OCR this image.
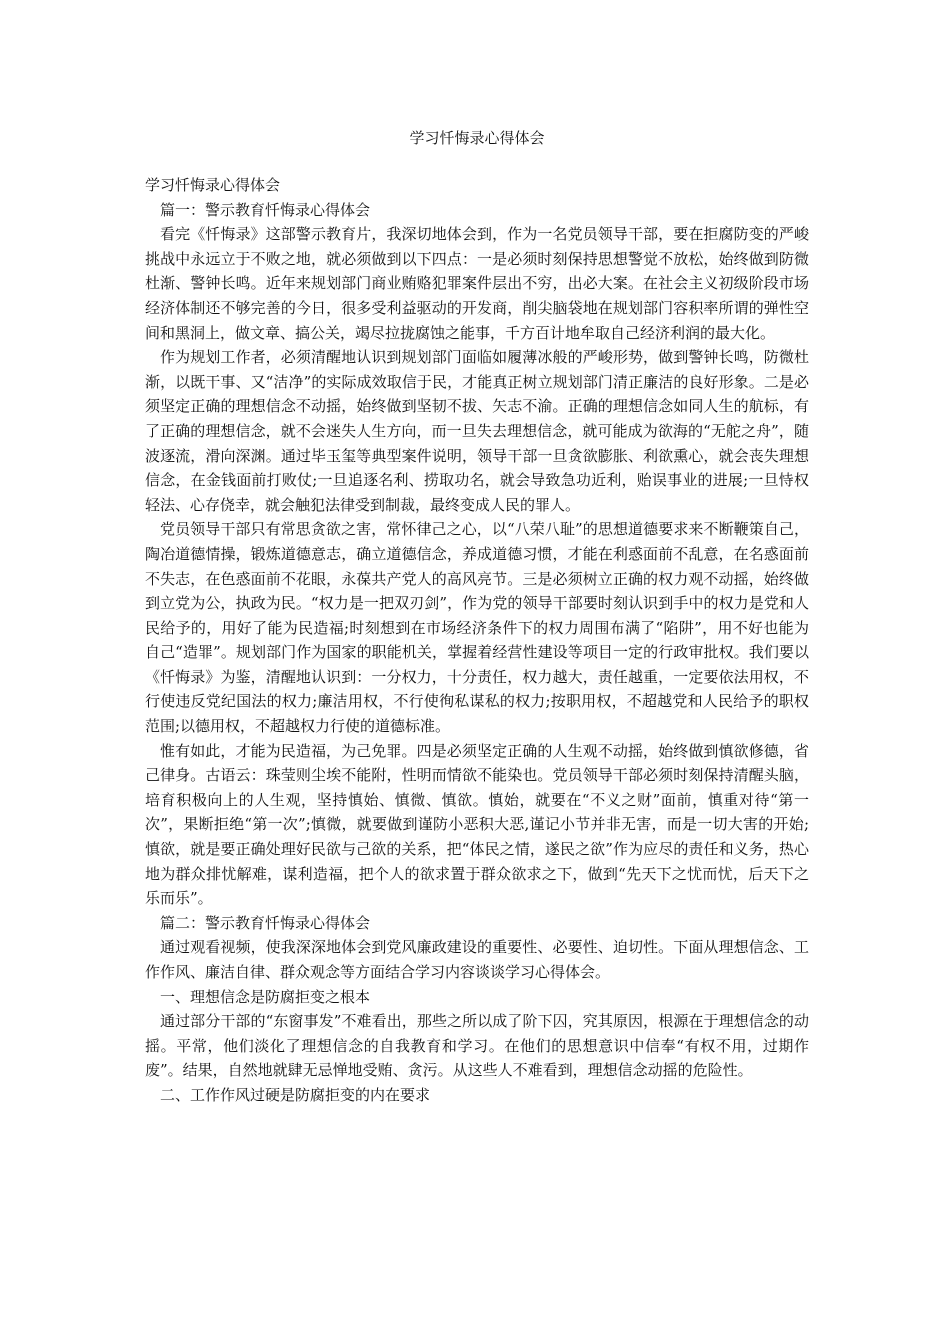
学习忏悔录心得体会

学习忏悔录心得体会

篇一：警示教育忏悔录心得体会

看完《忏悔录》这部警示教育片，我深切地体会到，作为一名党员领导干部，要在拒腐防变的严峻挑战中永远立于不败之地，就必须做到以下四点：一是必须时刻保持思想警觉不放松，始终做到防微杜渐、警钟长鸣。近年来规划部门商业贿赂犯罪案件层出不穷，出必大案。在社会主义初级阶段市场经济体制还不够完善的今日，很多受利益驱动的开发商，削尖脑袋地在规划部门容积率所谓的弹性空间和黑洞上，做文章、搞公关，竭尽拉拢腐蚀之能事，千方百计地牟取自己经济利润的最大化。

作为规划工作者，必须清醒地认识到规划部门面临如履薄冰般的严峻形势，做到警钟长鸣，防微杜渐，以既干事、又“洁净”的实际成效取信于民，才能真正树立规划部门清正廉洁的良好形象。二是必须坚定正确的理想信念不动摇，始终做到坚韧不拔、矢志不渝。正确的理想信念如同人生的航标，有了正确的理想信念，就不会迷失人生方向，而一旦失去理想信念，就可能成为欲海的“无舵之舟”，随波逐流，滑向深渊。通过毕玉玺等典型案件说明，领导干部一旦贪欲膨胀、利欲熏心，就会丧失理想信念，在金钱面前打败仗;一旦追逐名利、捞取功名，就会导致急功近利，贻误事业的进展;一旦恃权轻法、心存侥幸，就会触犯法律受到制裁，最终变成人民的罪人。

党员领导干部只有常思贪欲之害，常怀律己之心，以“八荣八耻”的思想道德要求来不断鞭策自己，陶冶道德情操，锻炼道德意志，确立道德信念，养成道德习惯，才能在利惑面前不乱意，在名惑面前不失志，在色惑面前不花眼，永葆共产党人的高风亮节。三是必须树立正确的权力观不动摇，始终做到立党为公，执政为民。“权力是一把双刃剑”，作为党的领导干部要时刻认识到手中的权力是党和人民给予的，用好了能为民造福;时刻想到在市场经济条件下的权力周围布满了“陷阱”，用不好也能为自己“造罪”。规划部门作为国家的职能机关，掌握着经营性建设等项目一定的行政审批权。我们要以《忏悔录》为鉴，清醒地认识到：一分权力，十分责任，权力越大，责任越重，一定要依法用权，不行使违反党纪国法的权力;廉洁用权，不行使徇私谋私的权力;按职用权，不超越党和人民给予的职权范围;以德用权，不超越权力行使的道德标准。

惟有如此，才能为民造福，为己免罪。四是必须坚定正确的人生观不动摇，始终做到慎欲修德，省己律身。古语云：珠莹则尘埃不能附，性明而情欲不能染也。党员领导干部必须时刻保持清醒头脑，培育积极向上的人生观，坚持慎始、慎微、慎欲。慎始，就要在“不义之财”面前，慎重对待“第一次”，果断拒绝“第一次”;慎微，就要做到谨防小恶积大恶,谨记小节并非无害，而是一切大害的开始;慎欲，就是要正确处理好民欲与己欲的关系，把“体民之情，遂民之欲”作为应尽的责任和义务，热心地为群众排忧解难，谋利造福，把个人的欲求置于群众欲求之下，做到“先天下之忧而忧，后天下之乐而乐”。

篇二：警示教育忏悔录心得体会

通过观看视频，使我深深地体会到党风廉政建设的重要性、必要性、迫切性。下面从理想信念、工作作风、廉洁自律、群众观念等方面结合学习内容谈谈学习心得体会。

一、理想信念是防腐拒变之根本

通过部分干部的“东窗事发”不难看出，那些之所以成了阶下囚，究其原因，根源在于理想信念的动摇。平常，他们淡化了理想信念的自我教育和学习。在他们的思想意识中信奉“有权不用，过期作废”。结果，自然地就肆无忌惮地受贿、贪污。从这些人不难看到，理想信念动摇的危险性。

二、工作作风过硬是防腐拒变的内在要求
